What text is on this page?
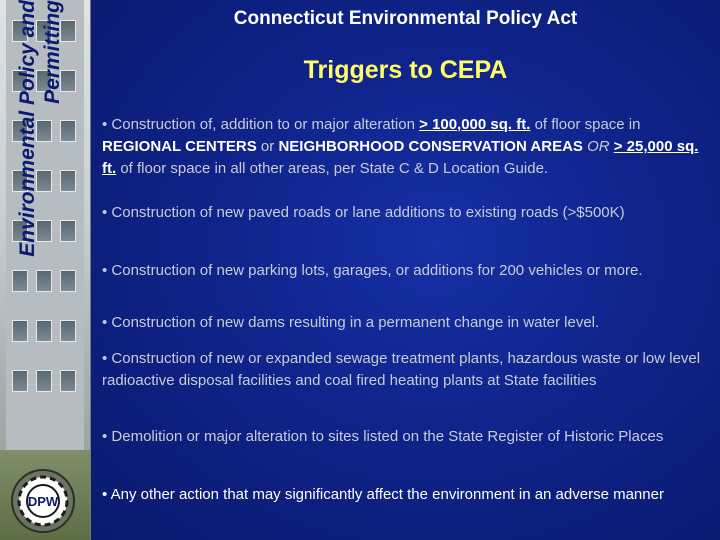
Environmental Policy and Permitting
DPW
Connecticut Environmental Policy Act
Triggers to CEPA
• Construction of, addition to or major alteration > 100,000 sq. ft. of floor space in REGIONAL CENTERS or NEIGHBORHOOD CONSERVATION AREAS OR > 25,000 sq. ft. of floor space in all other areas, per State C & D Location Guide.
• Construction of new paved roads or lane additions to existing roads (>$500K)
• Construction of new parking lots, garages, or additions for 200 vehicles or more.
• Construction of new dams resulting in a permanent change in water level.
• Construction of new or expanded sewage treatment plants, hazardous waste or low level radioactive disposal facilities and coal fired heating plants at State facilities
• Demolition or major alteration to sites listed on the State Register of Historic Places
• Any other action that may significantly affect the environment in an adverse manner
